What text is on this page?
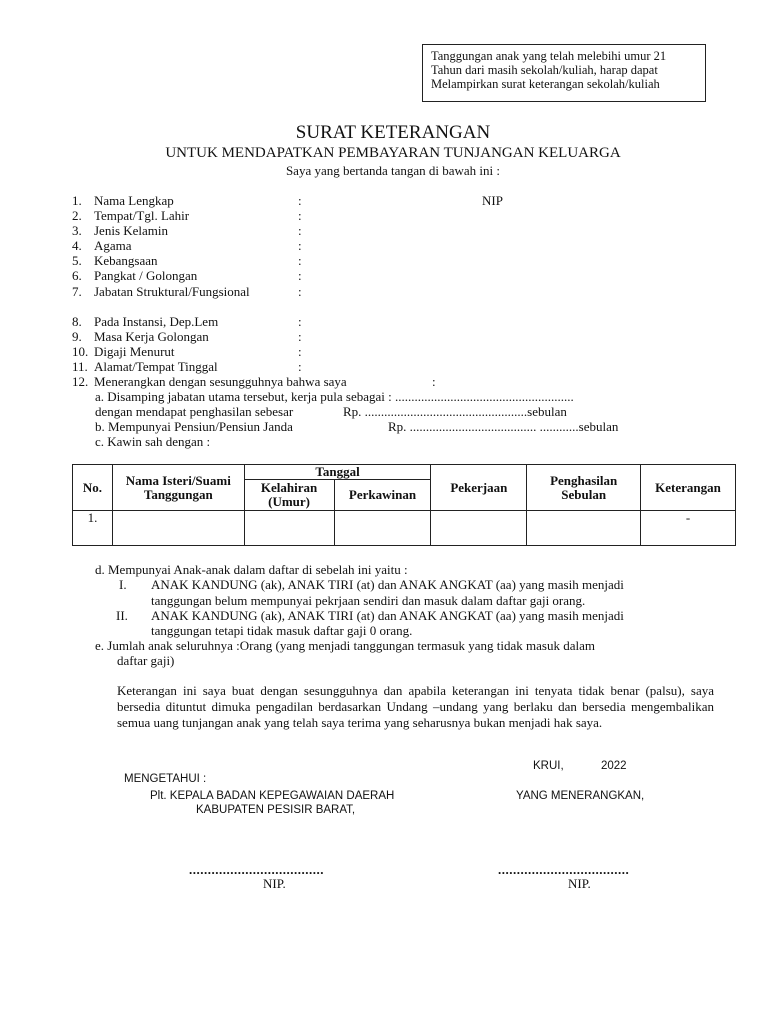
Tanggungan anak yang telah melebihi umur 21
Tahun dari masih sekolah/kuliah, harap dapat
Melampirkan surat keterangan sekolah/kuliah
SURAT KETERANGAN
UNTUK MENDAPATKAN PEMBAYARAN TUNJANGAN KELUARGA
Saya yang bertanda tangan di bawah ini :
1. Nama Lengkap	:	NIP
2. Tempat/Tgl. Lahir	:
3. Jenis Kelamin	:
4. Agama	:
5. Kebangsaan	:
6. Pangkat / Golongan	:
7. Jabatan Struktural/Fungsional	:
8. Pada Instansi, Dep.Lem	:
9. Masa Kerja Golongan	:
10. Digaji Menurut	:
11. Alamat/Tempat Tinggal	:
12. Menerangkan dengan sesungguhnya bahwa saya	:
a. Disamping jabatan utama tersebut, kerja pula sebagai : .......................................................
dengan mendapat penghasilan sebesar	Rp. ..................................................sebulan
b. Mempunyai Pensiun/Pensiun Janda	Rp. ....................................... ............sebulan
c. Kawin sah dengan :
No.	Nama Isteri/Suami Tanggungan	Tanggal		Pekerjaan	Penghasilan Sebulan	Keterangan
		Kelahiran (Umur)	Perkawinan			
1.						-
d. Mempunyai Anak-anak dalam daftar di sebelah ini yaitu :
I. ANAK KANDUNG (ak), ANAK TIRI (at) dan ANAK ANGKAT (aa) yang masih menjadi
tanggungan belum mempunyai pekrjaan sendiri dan masuk dalam daftar gaji orang.
II. ANAK KANDUNG (ak), ANAK TIRI (at) dan ANAK ANGKAT (aa) yang masih menjadi
tanggungan tetapi tidak masuk daftar gaji 0 orang.
e. Jumlah anak seluruhnya :Orang (yang menjadi tanggungan termasuk yang tidak masuk dalam
daftar gaji)
Keterangan ini saya buat dengan sesungguhnya dan apabila keterangan ini tenyata tidak benar (palsu), saya bersedia dituntut dimuka pengadilan berdasarkan Undang –undang yang berlaku dan bersedia mengembalikan semua uang tunjangan anak yang telah saya terima yang seharusnya bukan menjadi hak saya.
KRUI,	2022
MENGETAHUI :
Plt. KEPALA BADAN KEPEGAWAIAN DAERAH
KABUPATEN PESISIR BARAT,
YANG MENERANGKAN,
....................................	...................................
NIP.	NIP.
